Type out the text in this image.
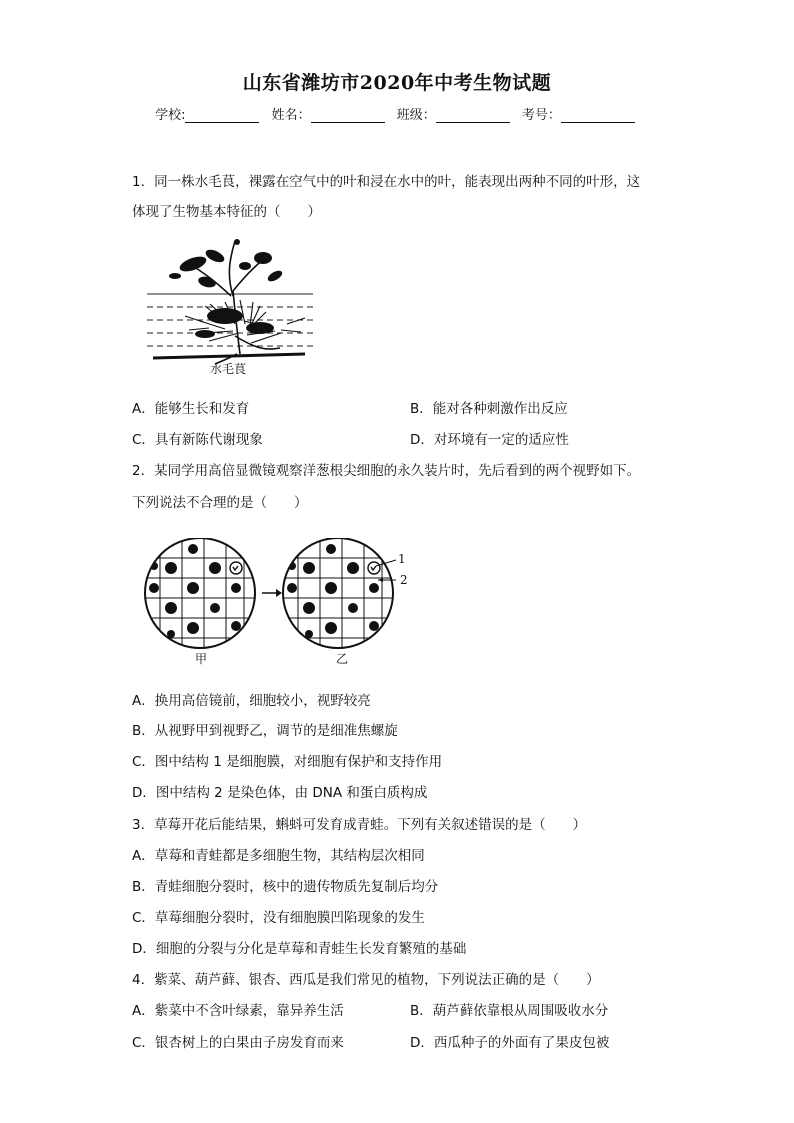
山东省潍坊市2020年中考生物试题
学校:	姓名：	班级：	考号：
1．同一株水毛茛，裸露在空气中的叶和浸在水中的叶，能表现出两种不同的叶形，这
体现了生物基本特征的（　　）
水毛茛
A．能够生长和发育	B．能对各种刺激作出反应
C．具有新陈代谢现象	D．对环境有一定的适应性
2．某同学用高倍显微镜观察洋葱根尖细胞的永久装片时，先后看到的两个视野如下。
下列说法不合理的是（　　）
1
2
甲	乙
A．换用高倍镜前，细胞较小，视野较亮
B．从视野甲到视野乙，调节的是细准焦螺旋
C．图中结构 1 是细胞膜，对细胞有保护和支持作用
D．图中结构 2 是染色体，由 DNA 和蛋白质构成
3．草莓开花后能结果，蝌蚪可发育成青蛙。下列有关叙述错误的是（　　）
A．草莓和青蛙都是多细胞生物，其结构层次相同
B．青蛙细胞分裂时，核中的遗传物质先复制后均分
C．草莓细胞分裂时，没有细胞膜凹陷现象的发生
D．细胞的分裂与分化是草莓和青蛙生长发育繁殖的基础
4．紫菜、葫芦藓、银杏、西瓜是我们常见的植物，下列说法正确的是（　　）
A．紫菜中不含叶绿素，靠异养生活	B．葫芦藓依靠根从周围吸收水分
C．银杏树上的白果由子房发育而来	D．西瓜种子的外面有了果皮包被
